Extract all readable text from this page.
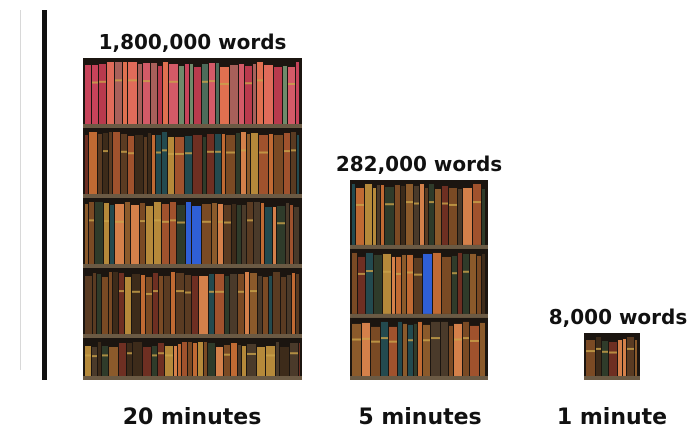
1,800,000 words
282,000 words
8,000 words
20 minutes	5 minutes	1 minute
